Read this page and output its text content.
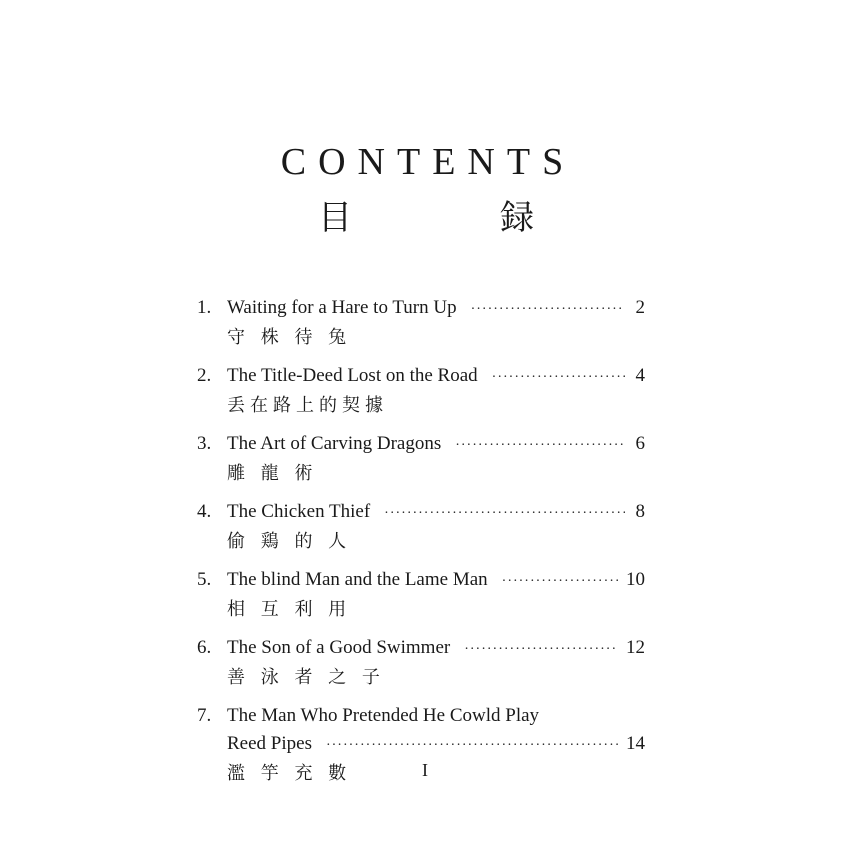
CONTENTS
目	録
1. Waiting for a Hare to Turn Up ·····	2
守 株 待 兔
2. The Title-Deed Lost on the Road ·····	4
丢在路上的契據
3. The Art of Carving Dragons ·····	6
雕 龍 術
4. The Chicken Thief ·····	8
偷 鶏 的 人
5. The blind Man and the Lame Man ·····	10
相 互 利 用
6. The Son of a Good Swimmer ·····	12
善 泳 者 之 子
7. The Man Who Pretended He Cowld Play
Reed Pipes ·····	14
濫 竽 充 數	I
